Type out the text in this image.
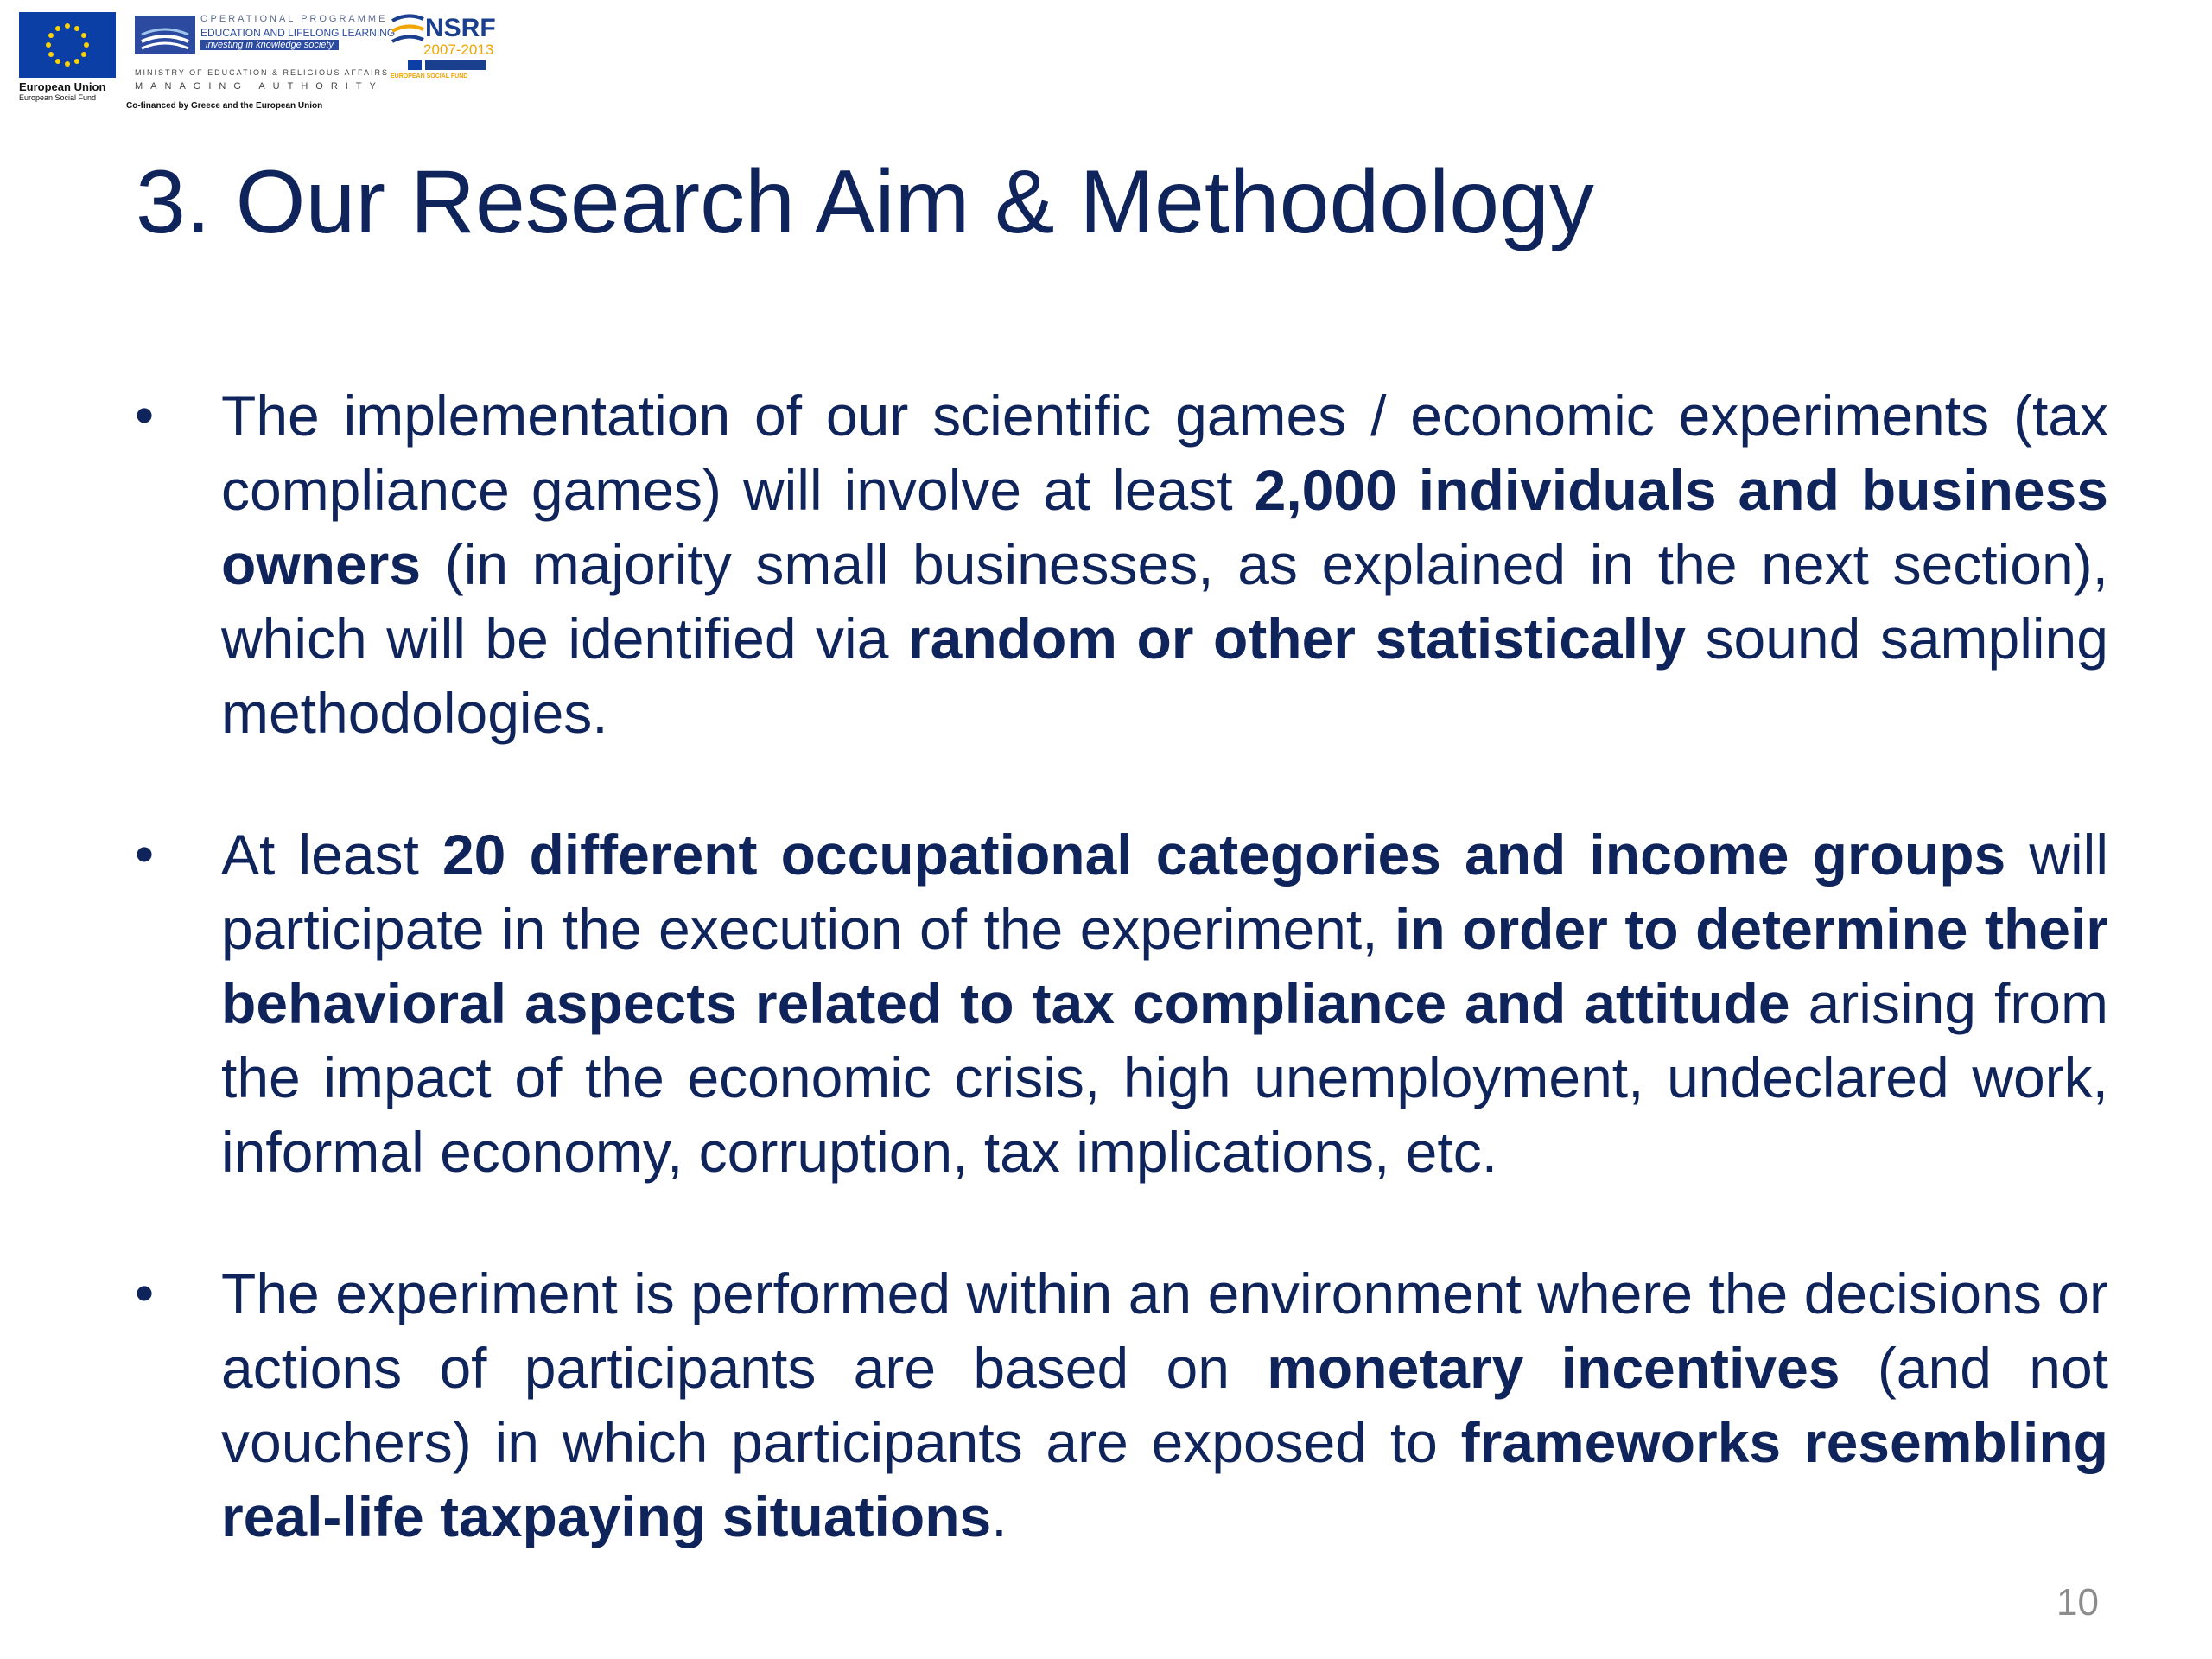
European Union
European Social Fund
OPERATIONAL PROGRAMME
EDUCATION AND LIFELONG LEARNING
investing in knowledge society
MINISTRY OF EDUCATION & RELIGIOUS AFFAIRS
MANAGING AUTHORITY
Co-financed by Greece and the European Union
NSRF
2007-2013
EUROPEAN SOCIAL FUND
3. Our Research Aim & Methodology
• The implementation of our scientific games / economic experiments (tax compliance games) will involve at least 2,000 individuals and business owners (in majority small businesses, as explained in the next section), which will be identified via random or other statistically sound sampling methodologies.
• At least 20 different occupational categories and income groups will participate in the execution of the experiment, in order to determine their behavioral aspects related to tax compliance and attitude arising from the impact of the economic crisis, high unemployment, undeclared work, informal economy, corruption, tax implications, etc.
• The experiment is performed within an environment where the decisions or actions of participants are based on monetary incentives (and not vouchers) in which participants are exposed to frameworks resembling real-life taxpaying situations.
10
